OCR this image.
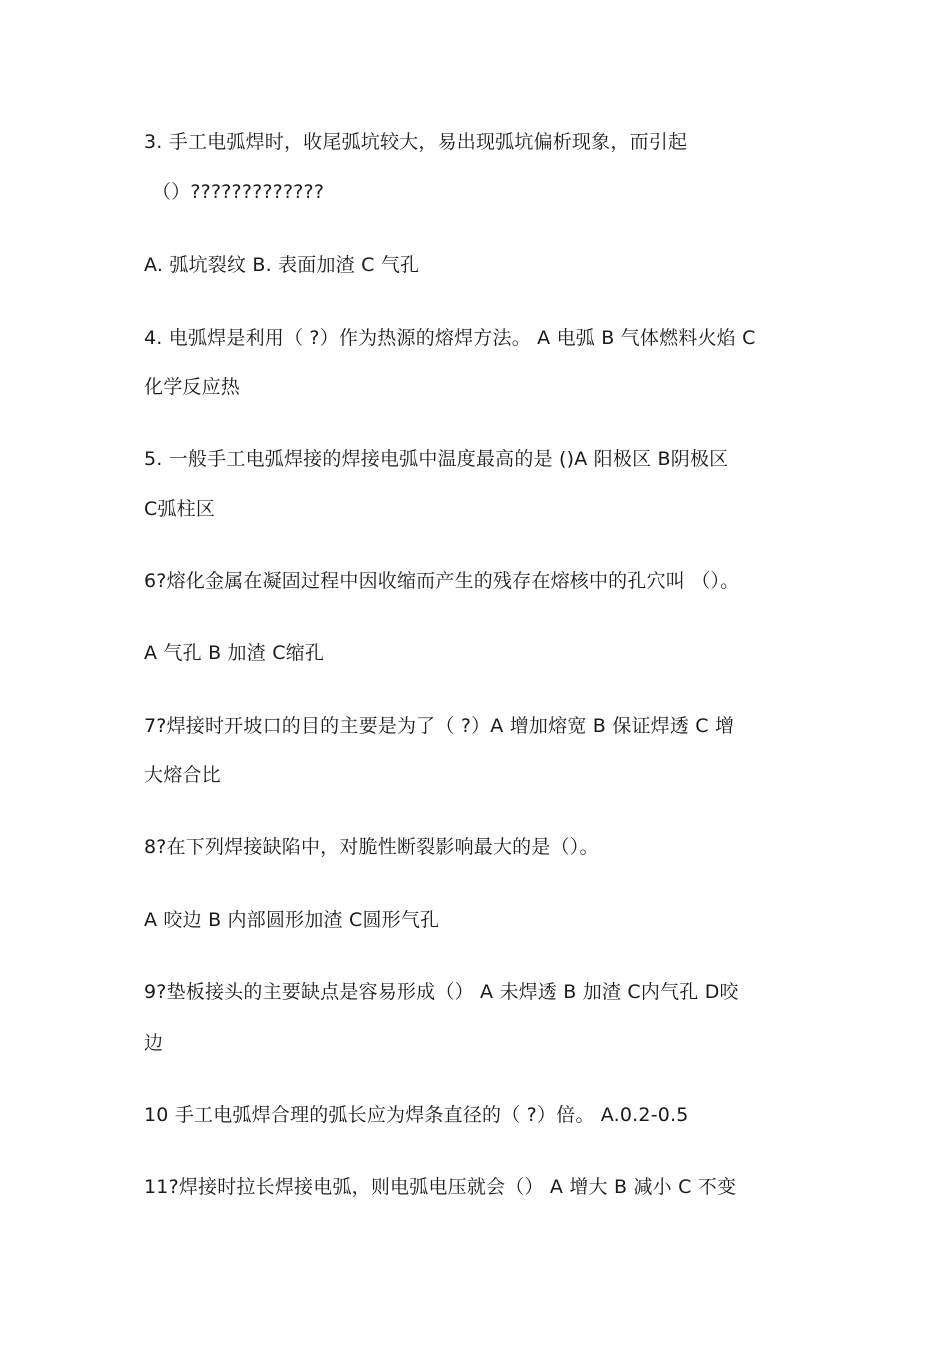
3. 手工电弧焊时，收尾弧坑较大，易出现弧坑偏析现象，而引起
（）?????????????
A. 弧坑裂纹 B. 表面加渣 C 气孔
4. 电弧焊是利用（ ?）作为热源的熔焊方法。 A 电弧 B 气体燃料火焰 C
化学反应热
5. 一般手工电弧焊接的焊接电弧中温度最高的是 ()A 阳极区 B阴极区
C弧柱区
6?熔化金属在凝固过程中因收缩而产生的残存在熔核中的孔穴叫 （）。
A 气孔 B 加渣 C缩孔
7?焊接时开坡口的目的主要是为了（ ?）A 增加熔宽 B 保证焊透 C 增
大熔合比
8?在下列焊接缺陷中，对脆性断裂影响最大的是（）。
A 咬边 B 内部圆形加渣 C圆形气孔
9?垫板接头的主要缺点是容易形成（） A 未焊透 B 加渣 C内气孔 D咬
边
10 手工电弧焊合理的弧长应为焊条直径的（ ?）倍。 A.0.2-0.5
11?焊接时拉长焊接电弧，则电弧电压就会（） A 增大 B 减小 C 不变
